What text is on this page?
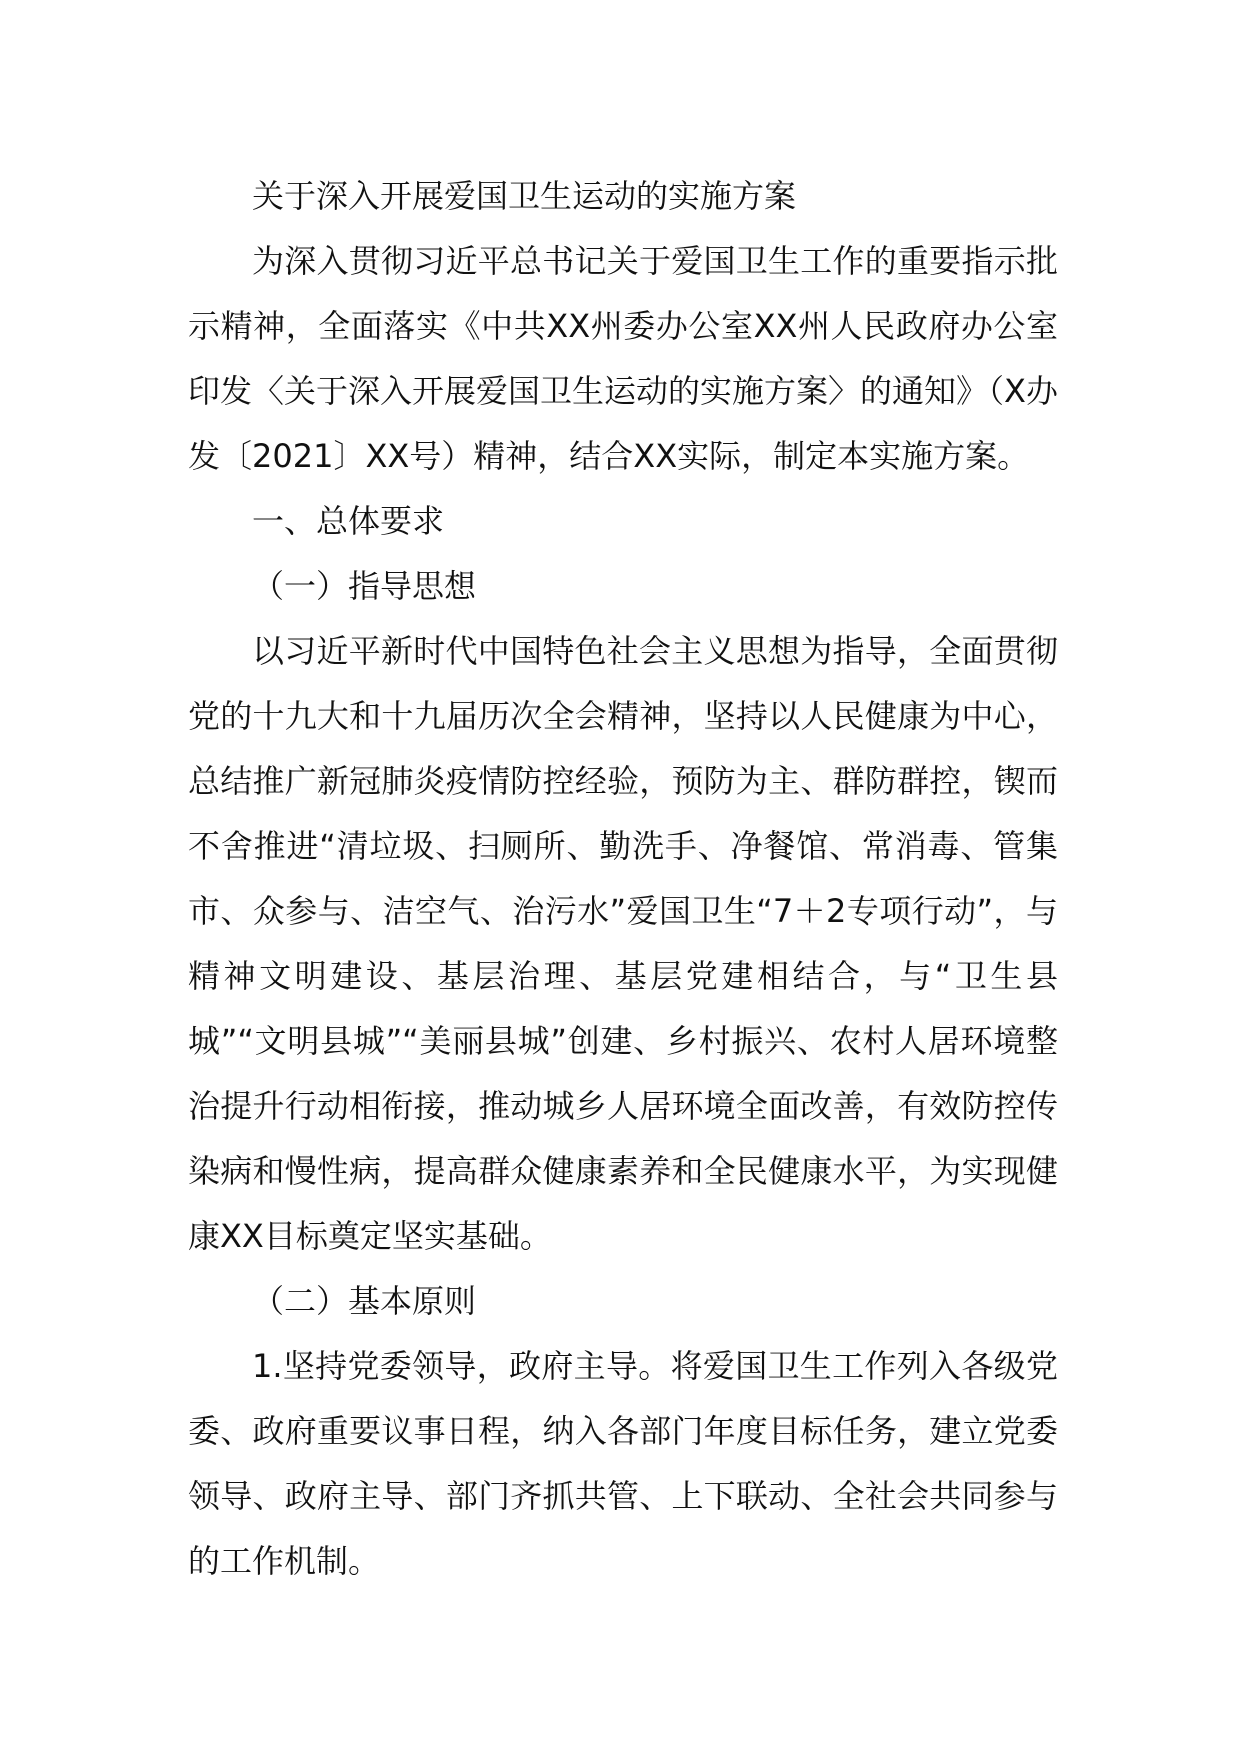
关于深入开展爱国卫生运动的实施方案

为深入贯彻习近平总书记关于爱国卫生工作的重要指示批示精神，全面落实《中共XX州委办公室XX州人民政府办公室印发〈关于深入开展爱国卫生运动的实施方案〉的通知》（X办发〔2021〕XX号）精神，结合XX实际，制定本实施方案。

一、总体要求

（一）指导思想

以习近平新时代中国特色社会主义思想为指导，全面贯彻党的十九大和十九届历次全会精神，坚持以人民健康为中心，总结推广新冠肺炎疫情防控经验，预防为主、群防群控，锲而不舍推进“清垃圾、扫厕所、勤洗手、净餐馆、常消毒、管集市、众参与、洁空气、治污水”爱国卫生“7＋2专项行动”，与精神文明建设、基层治理、基层党建相结合，与“卫生县城”“文明县城”“美丽县城”创建、乡村振兴、农村人居环境整治提升行动相衔接，推动城乡人居环境全面改善，有效防控传染病和慢性病，提高群众健康素养和全民健康水平，为实现健康XX目标奠定坚实基础。

（二）基本原则

1.坚持党委领导，政府主导。将爱国卫生工作列入各级党委、政府重要议事日程，纳入各部门年度目标任务，建立党委领导、政府主导、部门齐抓共管、上下联动、全社会共同参与的工作机制。
